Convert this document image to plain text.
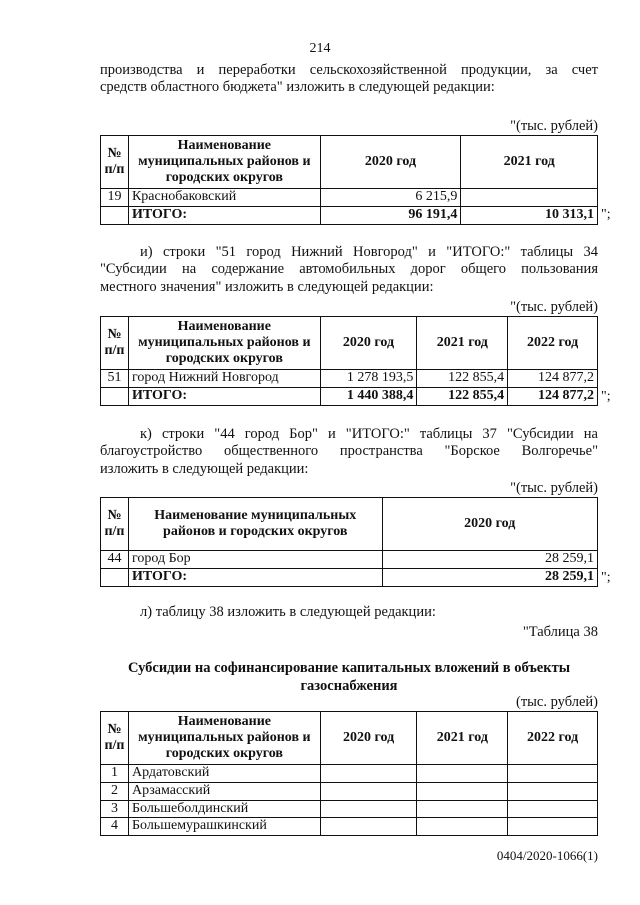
214
производства и переработки сельскохозяйственной продукции, за счет
средств областного бюджета" изложить в следующей редакции:
"(тыс. рублей)
№ п/п	Наименование муниципальных районов и городских округов	2020 год	2021 год
19	Краснобаковский	6 215,9	
	ИТОГО:	96 191,4	10 313,1 ";
и) строки "51 город Нижний Новгород" и "ИТОГО:" таблицы 34
"Субсидии на содержание автомобильных дорог общего пользования
местного значения" изложить в следующей редакции:
"(тыс. рублей)
№ п/п	Наименование муниципальных районов и городских округов	2020 год	2021 год	2022 год
51	город Нижний Новгород	1 278 193,5	122 855,4	124 877,2
	ИТОГО:	1 440 388,4	122 855,4	124 877,2 ";
к) строки "44 город Бор" и "ИТОГО:" таблицы 37 "Субсидии на
благоустройство общественного пространства "Борское Волгоречье"
изложить в следующей редакции:
"(тыс. рублей)
№ п/п	Наименование муниципальных районов и городских округов	2020 год
44	город Бор	28 259,1
	ИТОГО:	28 259,1 ";
л) таблицу 38 изложить в следующей редакции:
"Таблица 38
Субсидии на софинансирование капитальных вложений в объекты
газоснабжения
(тыс. рублей)
№ п/п	Наименование муниципальных районов и городских округов	2020 год	2021 год	2022 год
1	Ардатовский			
2	Арзамасский			
3	Большеболдинский			
4	Большемурашкинский			
0404/2020-1066(1)
